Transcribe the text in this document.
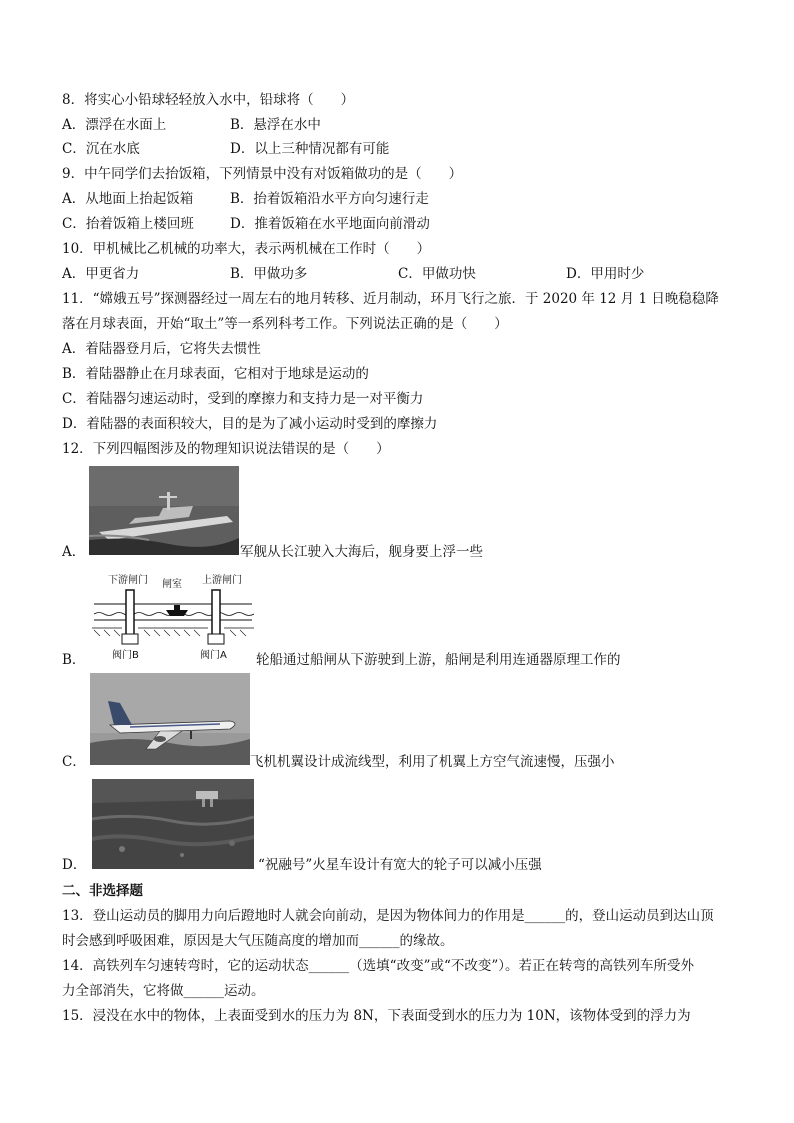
8．将实心小铅球轻轻放入水中，铅球将（　　）
A．漂浮在水面上	B．悬浮在水中
C．沉在水底	D．以上三种情况都有可能
9．中午同学们去抬饭箱，下列情景中没有对饭箱做功的是（　　）
A．从地面上抬起饭箱	B．抬着饭箱沿水平方向匀速行走
C．抬着饭箱上楼回班	D．推着饭箱在水平地面向前滑动
10．甲机械比乙机械的功率大，表示两机械在工作时（　　）
A．甲更省力	B．甲做功多	C．甲做功快	D．甲用时少
11．“嫦娥五号”探测器经过一周左右的地月转移、近月制动，环月飞行之旅．于 2020 年 12 月 1 日晚稳稳降
落在月球表面，开始“取土”等一系列科考工作。下列说法正确的是（　　）
A．着陆器登月后，它将失去惯性
B．着陆器静止在月球表面，它相对于地球是运动的
C．着陆器匀速运动时，受到的摩擦力和支持力是一对平衡力
D．着陆器的表面积较大，目的是为了减小运动时受到的摩擦力
12．下列四幅图涉及的物理知识说法错误的是（　　）
A．	军舰从长江驶入大海后，舰身要上浮一些
下游闸门 闸室 上游闸门
阀门B	阀门A
B．	轮船通过船闸从下游驶到上游，船闸是利用连通器原理工作的
C．	飞机机翼设计成流线型，利用了机翼上方空气流速慢，压强小
D．	“祝融号”火星车设计有宽大的轮子可以减小压强
二、非选择题
13．登山运动员的脚用力向后蹬地时人就会向前动，是因为物体间力的作用是______的，登山运动员到达山顶
时会感到呼吸困难，原因是大气压随高度的增加而______的缘故。
14．高铁列车匀速转弯时，它的运动状态______（选填“改变”或“不改变”）。若正在转弯的高铁列车所受外
力全部消失，它将做______运动。
15．浸没在水中的物体，上表面受到水的压力为 8N，下表面受到水的压力为 10N，该物体受到的浮力为
